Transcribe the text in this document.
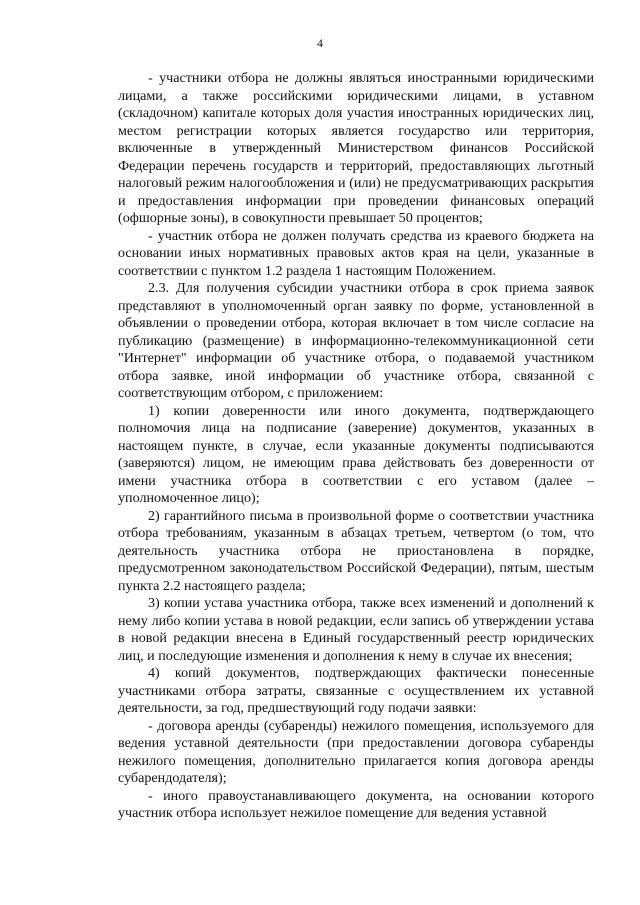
4

- участники отбора не должны являться иностранными юридическими лицами, а также российскими юридическими лицами, в уставном (складочном) капитале которых доля участия иностранных юридических лиц, местом регистрации которых является государство или территория, включенные в утвержденный Министерством финансов Российской Федерации перечень государств и территорий, предоставляющих льготный налоговый режим налогообложения и (или) не предусматривающих раскрытия и предоставления информации при проведении финансовых операций (офшорные зоны), в совокупности превышает 50 процентов;

- участник отбора не должен получать средства из краевого бюджета на основании иных нормативных правовых актов края на цели, указанные в соответствии с пунктом 1.2 раздела 1 настоящим Положением.

2.3. Для получения субсидии участники отбора в срок приема заявок представляют в уполномоченный орган заявку по форме, установленной в объявлении о проведении отбора, которая включает в том числе согласие на публикацию (размещение) в информационно-телекоммуникационной сети "Интернет" информации об участнике отбора, о подаваемой участником отбора заявке, иной информации об участнике отбора, связанной с соответствующим отбором, с приложением:

1) копии доверенности или иного документа, подтверждающего полномочия лица на подписание (заверение) документов, указанных в настоящем пункте, в случае, если указанные документы подписываются (заверяются) лицом, не имеющим права действовать без доверенности от имени участника отбора в соответствии с его уставом (далее – уполномоченное лицо);

2) гарантийного письма в произвольной форме о соответствии участника отбора требованиям, указанным в абзацах третьем, четвертом (о том, что деятельность участника отбора не приостановлена в порядке, предусмотренном законодательством Российской Федерации), пятым, шестым пункта 2.2 настоящего раздела;

3) копии устава участника отбора, также всех изменений и дополнений к нему либо копии устава в новой редакции, если запись об утверждении устава в новой редакции внесена в Единый государственный реестр юридических лиц, и последующие изменения и дополнения к нему в случае их внесения;

4) копий документов, подтверждающих фактически понесенные участниками отбора затраты, связанные с осуществлением их уставной деятельности, за год, предшествующий году подачи заявки:

- договора аренды (субаренды) нежилого помещения, используемого для ведения уставной деятельности (при предоставлении договора субаренды нежилого помещения, дополнительно прилагается копия договора аренды субарендодателя);

- иного правоустанавливающего документа, на основании которого участник отбора использует нежилое помещение для ведения уставной
